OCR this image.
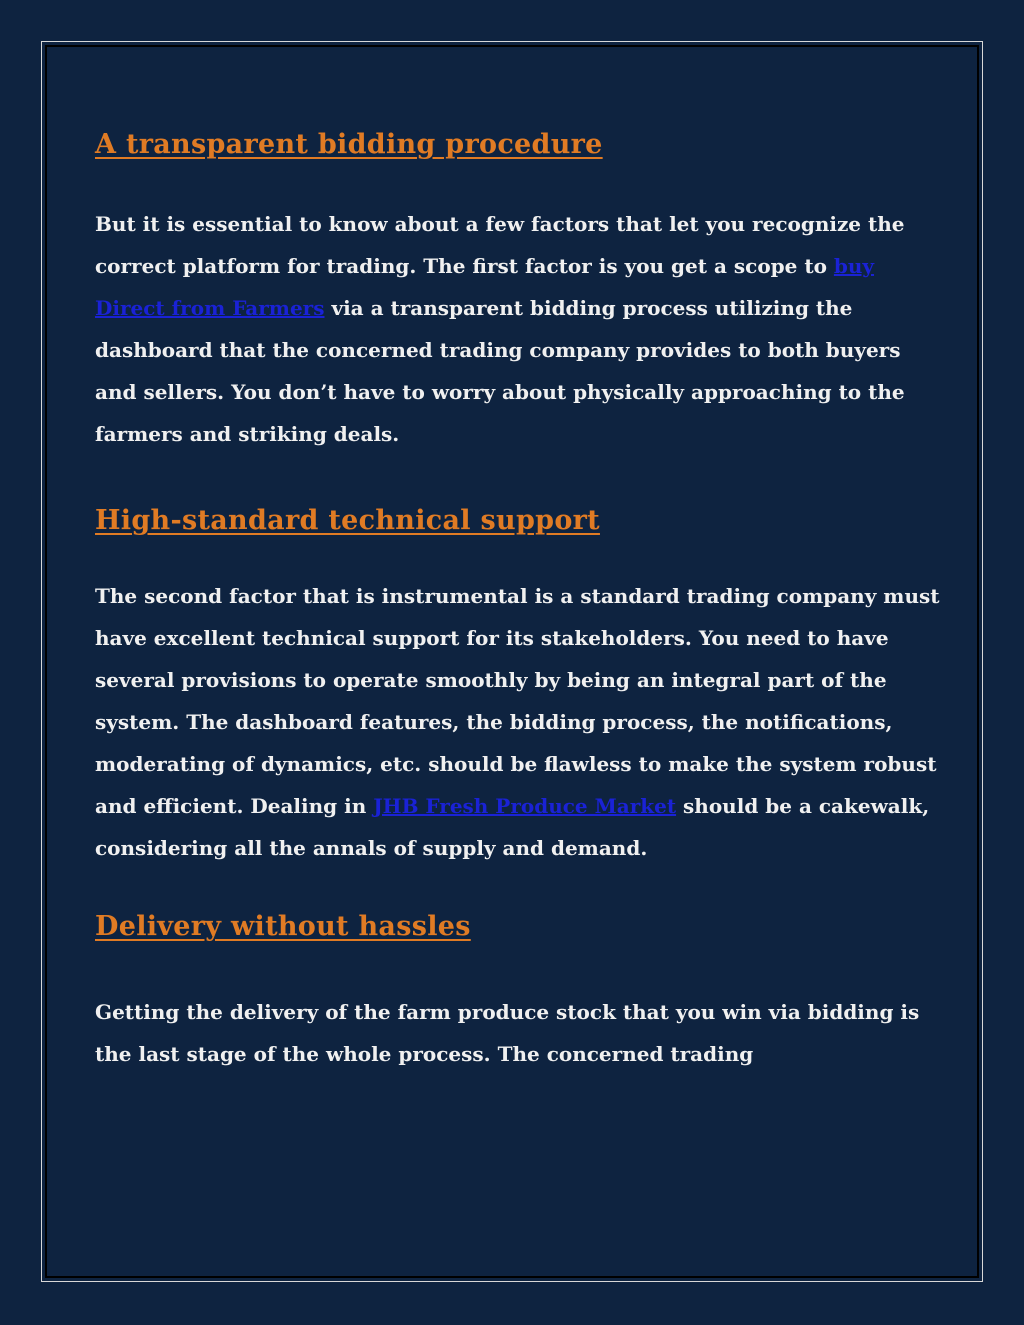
A transparent bidding procedure

But it is essential to know about a few factors that let you recognize the correct platform for trading. The first factor is you get a scope to buy Direct from Farmers via a transparent bidding process utilizing the dashboard that the concerned trading company provides to both buyers and sellers. You don’t have to worry about physically approaching to the farmers and striking deals.

High-standard technical support

The second factor that is instrumental is a standard trading company must have excellent technical support for its stakeholders. You need to have several provisions to operate smoothly by being an integral part of the system. The dashboard features, the bidding process, the notifications, moderating of dynamics, etc. should be flawless to make the system robust and efficient. Dealing in JHB Fresh Produce Market should be a cakewalk, considering all the annals of supply and demand.

Delivery without hassles

Getting the delivery of the farm produce stock that you win via bidding is the last stage of the whole process. The concerned trading
